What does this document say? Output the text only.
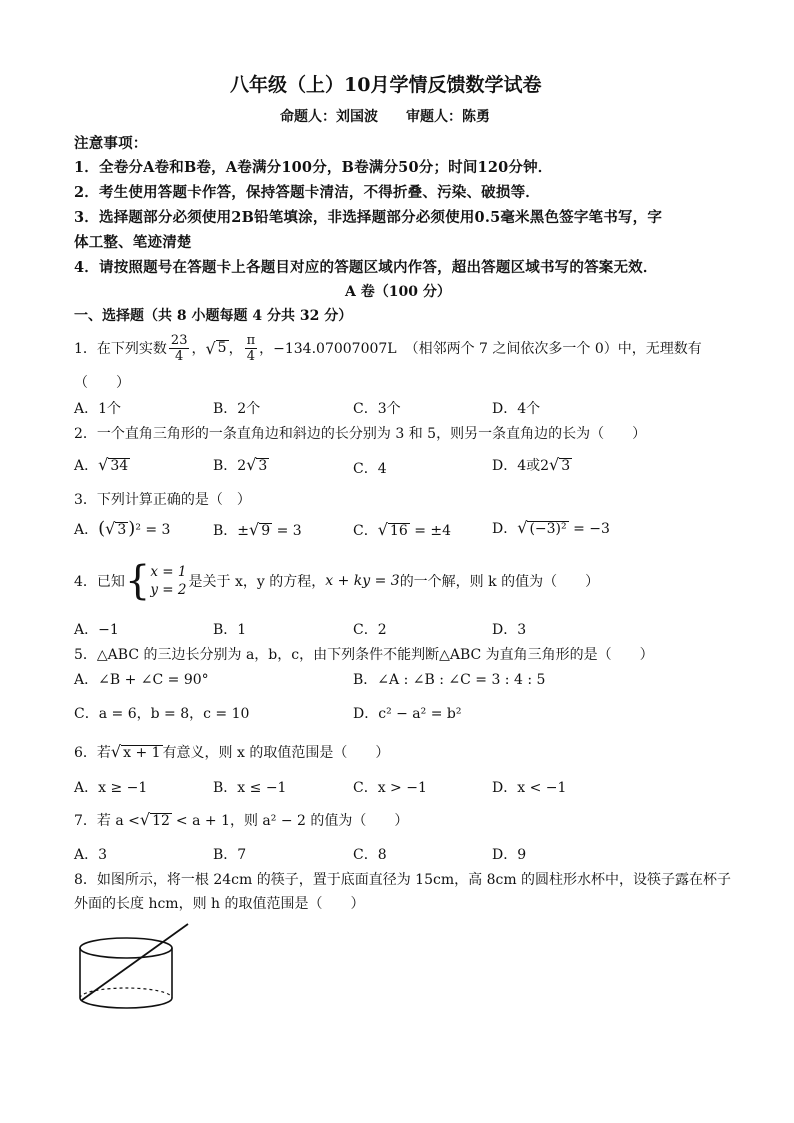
八年级（上）10月学情反馈数学试卷
命题人：刘国波　　审题人：陈勇
注意事项：
1．全卷分A卷和B卷，A卷满分100分，B卷满分50分；时间120分钟．
2．考生使用答题卡作答，保持答题卡清洁，不得折叠、污染、破损等．
3．选择题部分必须使用2B铅笔填涂，非选择题部分必须使用0.5毫米黑色签字笔书写，字
体工整、笔迹清楚
4．请按照题号在答题卡上各题目对应的答题区域内作答，超出答题区域书写的答案无效．
A 卷（100 分）
一、选择题（共 8 小题每题 4 分共 32 分）
1．在下列实数 $\frac{23}{4}$ ， √ 5 ， $\frac{\pi}{4}$ ，−134.07007007L （相邻两个 7 之间依次多一个 0）中，无理数有
（　　）
A．1个	B．2个	C．3个	D．4个
2．一个直角三角形的一条直角边和斜边的长分别为 3 和 5，则另一条直角边的长为（　　）
A．√ 34	B．2√ 3	C．4	D．4或2√ 3
3．下列计算正确的是（　）
A．(√ 3 )² = 3	B．±√ 9 = 3	C．√ 16 = ±4	D．√ (−3)² = −3
4．已知 { x = 1
y = 2 是关于 x，y 的方程， x + ky = 3 的一个解，则 k 的值为（　　）
A．−1	B．1	C．2	D．3
5．△ABC 的三边长分别为 a，b，c，由下列条件不能判断△ABC 为直角三角形的是（　　）
A．∠B + ∠C = 90°	B．∠A : ∠B : ∠C = 3 : 4 : 5
C．a = 6，b = 8，c = 10	D．c² − a² = b²
6．若√ x + 1 有意义，则 x 的取值范围是（　　）
A．x ≥ −1	B．x ≤ −1	C．x > −1	D．x < −1
7．若 a <√ 12 < a + 1，则 a² − 2 的值为（　　）
A．3	B．7	C．8	D．9
8．如图所示，将一根 24cm 的筷子，置于底面直径为 15cm，高 8cm 的圆柱形水杯中，设筷子露在杯子
外面的长度 hcm，则 h 的取值范围是（　　）
